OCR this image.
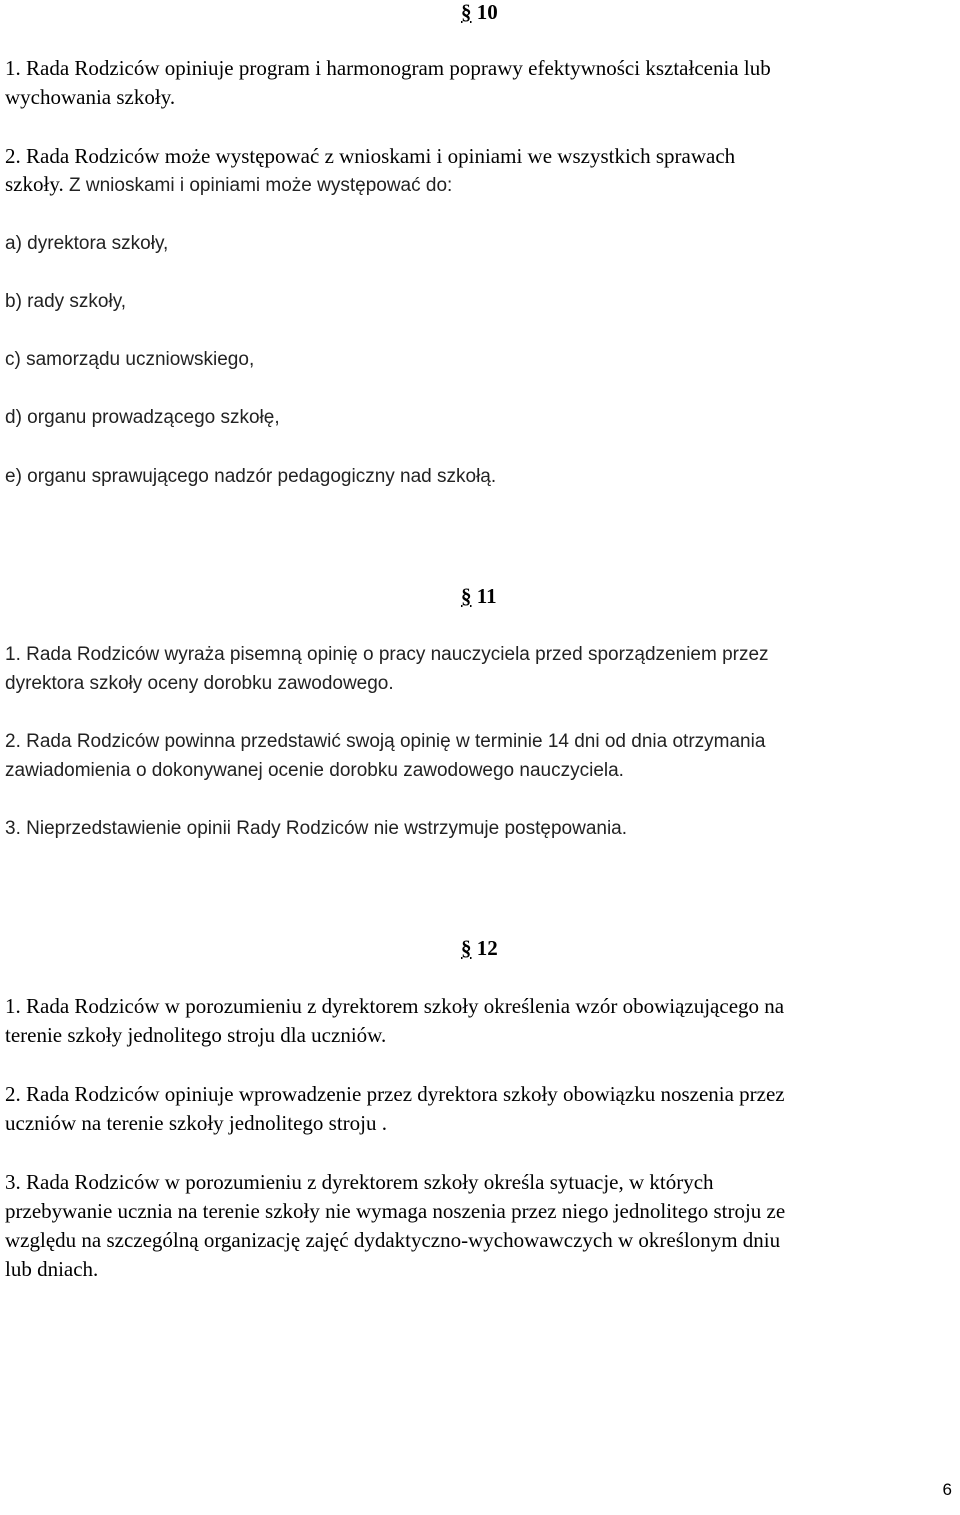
§ 10
1. Rada Rodziców opiniuje program i harmonogram poprawy efektywności kształcenia lub
wychowania szkoły.
2. Rada Rodziców może występować z wnioskami i opiniami we wszystkich sprawach
szkoły. Z wnioskami i opiniami może występować do:
a) dyrektora szkoły,
b) rady szkoły,
c) samorządu uczniowskiego,
d) organu prowadzącego szkołę,
e) organu sprawującego nadzór pedagogiczny nad szkołą.
§ 11
1. Rada Rodziców wyraża pisemną opinię o pracy nauczyciela przed sporządzeniem przez
dyrektora szkoły oceny dorobku zawodowego.
2. Rada Rodziców powinna przedstawić swoją opinię w terminie 14 dni od dnia otrzymania
zawiadomienia o dokonywanej ocenie dorobku zawodowego nauczyciela.
3. Nieprzedstawienie opinii Rady Rodziców nie wstrzymuje postępowania.
§ 12
1. Rada Rodziców w porozumieniu z dyrektorem szkoły określenia wzór obowiązującego na
terenie szkoły jednolitego stroju dla uczniów.
2. Rada Rodziców opiniuje wprowadzenie przez dyrektora szkoły obowiązku noszenia przez
uczniów na terenie szkoły jednolitego stroju .
3. Rada Rodziców w porozumieniu z dyrektorem szkoły określa sytuacje, w których
przebywanie ucznia na terenie szkoły nie wymaga noszenia przez niego jednolitego stroju ze
względu na szczególną organizację zajęć dydaktyczno-wychowawczych w określonym dniu
lub dniach.
6
